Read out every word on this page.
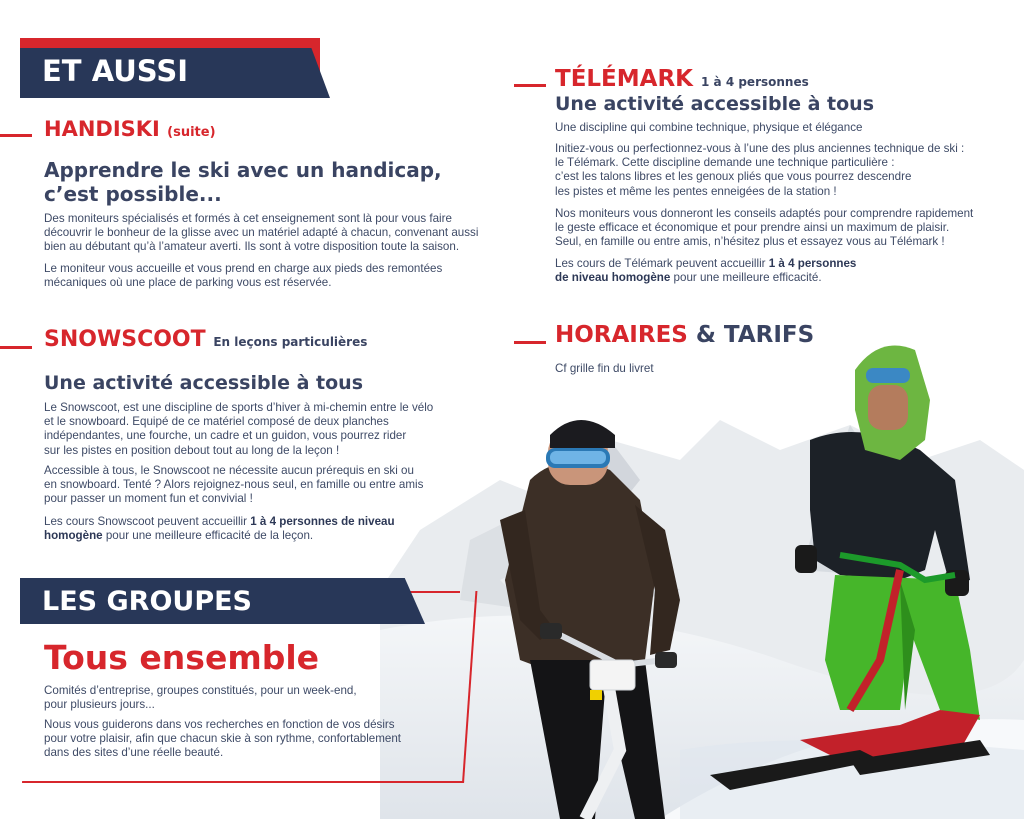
ET AUSSI
HANDISKI (suite)
Apprendre le ski avec un handicap,
c’est possible...
Des moniteurs spécialisés et formés à cet enseignement sont là pour vous faire
découvrir le bonheur de la glisse avec un matériel adapté à chacun, convenant aussi
bien au débutant qu’à l’amateur averti. Ils sont à votre disposition toute la saison.
Le moniteur vous accueille et vous prend en charge aux pieds des remontées
mécaniques où une place de parking vous est réservée.
SNOWSCOOT En leçons particulières
Une activité accessible à tous
Le Snowscoot, est une discipline de sports d’hiver à mi-chemin entre le vélo
et le snowboard. Equipé de ce matériel composé de deux planches
indépendantes, une fourche, un cadre et un guidon, vous pourrez rider
sur les pistes en position debout tout au long de la leçon !
Accessible à tous, le Snowscoot ne nécessite aucun prérequis en ski ou
en snowboard. Tenté ? Alors rejoignez-nous seul, en famille ou entre amis
pour passer un moment fun et convivial !
Les cours Snowscoot peuvent accueillir 1 à 4 personnes de niveau
homogène pour une meilleure efficacité de la leçon.
LES GROUPES
Tous ensemble
Comités d’entreprise, groupes constitués, pour un week-end,
pour plusieurs jours...
Nous vous guiderons dans vos recherches en fonction de vos désirs
pour votre plaisir, afin que chacun skie à son rythme, confortablement
dans des sites d’une réelle beauté.
TÉLÉMARK 1 à 4 personnes
Une activité accessible à tous
Une discipline qui combine technique, physique et élégance
Initiez-vous ou perfectionnez-vous à l’une des plus anciennes technique de ski :
le Télémark. Cette discipline demande une technique particulière :
c’est les talons libres et les genoux pliés que vous pourrez descendre
les pistes et même les pentes enneigées de la station !
Nos moniteurs vous donneront les conseils adaptés pour comprendre rapidement
le geste efficace et économique et pour prendre ainsi un maximum de plaisir.
Seul, en famille ou entre amis, n’hésitez plus et essayez vous au Télémark !
Les cours de Télémark peuvent accueillir 1 à 4 personnes
de niveau homogène pour une meilleure efficacité.
HORAIRES & TARIFS
Cf grille fin du livret
